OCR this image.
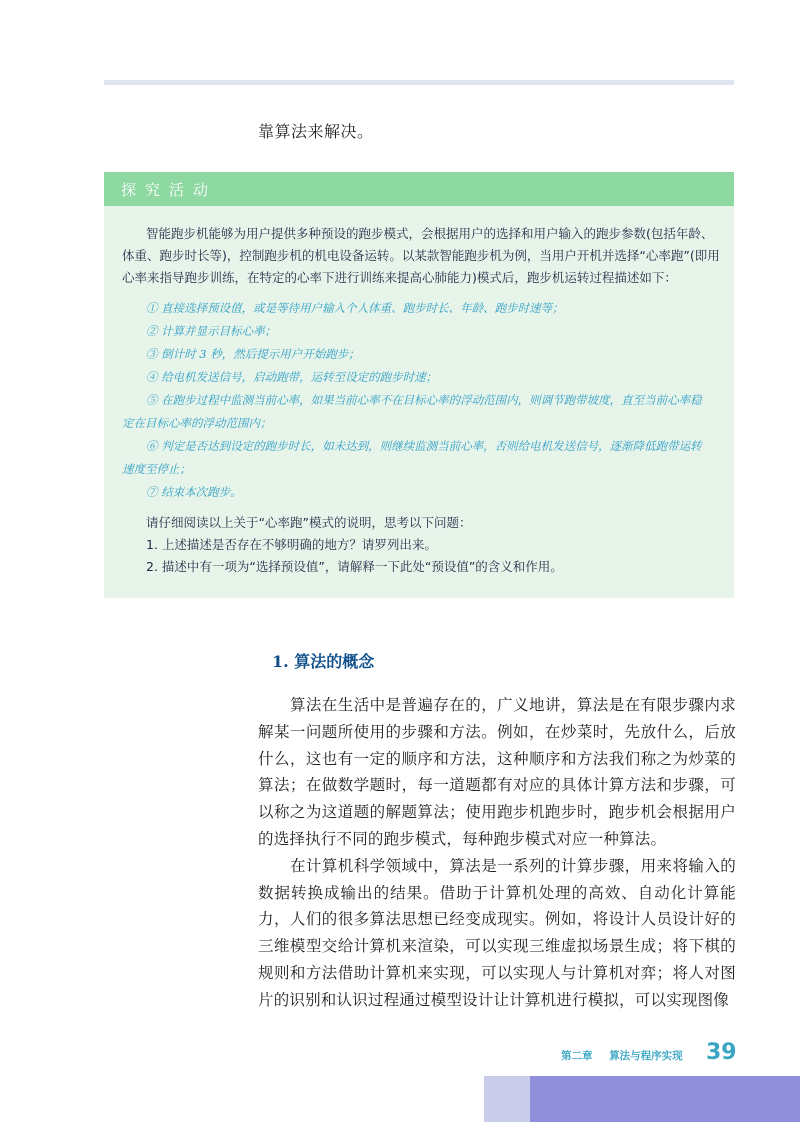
靠算法来解决。
探究活动
智能跑步机能够为用户提供多种预设的跑步模式，会根据用户的选择和用户输入的跑步参数(包括年龄、体重、跑步时长等)，控制跑步机的机电设备运转。以某款智能跑步机为例，当用户开机并选择“心率跑”(即用心率来指导跑步训练，在特定的心率下进行训练来提高心肺能力)模式后，跑步机运转过程描述如下：
① 直接选择预设值，或是等待用户输入个人体重、跑步时长、年龄、跑步时速等；
② 计算并显示目标心率；
③ 倒计时 3 秒，然后提示用户开始跑步；
④ 给电机发送信号，启动跑带，运转至设定的跑步时速；
⑤ 在跑步过程中监测当前心率，如果当前心率不在目标心率的浮动范围内，则调节跑带坡度，直至当前心率稳定在目标心率的浮动范围内；
⑥ 判定是否达到设定的跑步时长，如未达到，则继续监测当前心率，否则给电机发送信号，逐渐降低跑带运转速度至停止；
⑦ 结束本次跑步。
请仔细阅读以上关于“心率跑”模式的说明，思考以下问题：
1. 上述描述是否存在不够明确的地方？请罗列出来。
2. 描述中有一项为“选择预设值”，请解释一下此处“预设值”的含义和作用。
1. 算法的概念

算法在生活中是普遍存在的，广义地讲，算法是在有限步骤内求解某一问题所使用的步骤和方法。例如，在炒菜时，先放什么，后放什么，这也有一定的顺序和方法，这种顺序和方法我们称之为炒菜的算法；在做数学题时，每一道题都有对应的具体计算方法和步骤，可以称之为这道题的解题算法；使用跑步机跑步时，跑步机会根据用户的选择执行不同的跑步模式，每种跑步模式对应一种算法。

在计算机科学领域中，算法是一系列的计算步骤，用来将输入的数据转换成输出的结果。借助于计算机处理的高效、自动化计算能力，人们的很多算法思想已经变成现实。例如，将设计人员设计好的三维模型交给计算机来渲染，可以实现三维虚拟场景生成；将下棋的规则和方法借助计算机来实现，可以实现人与计算机对弈；将人对图片的识别和认识过程通过模型设计让计算机进行模拟，可以实现图像

第二章 算法与程序实现 39
